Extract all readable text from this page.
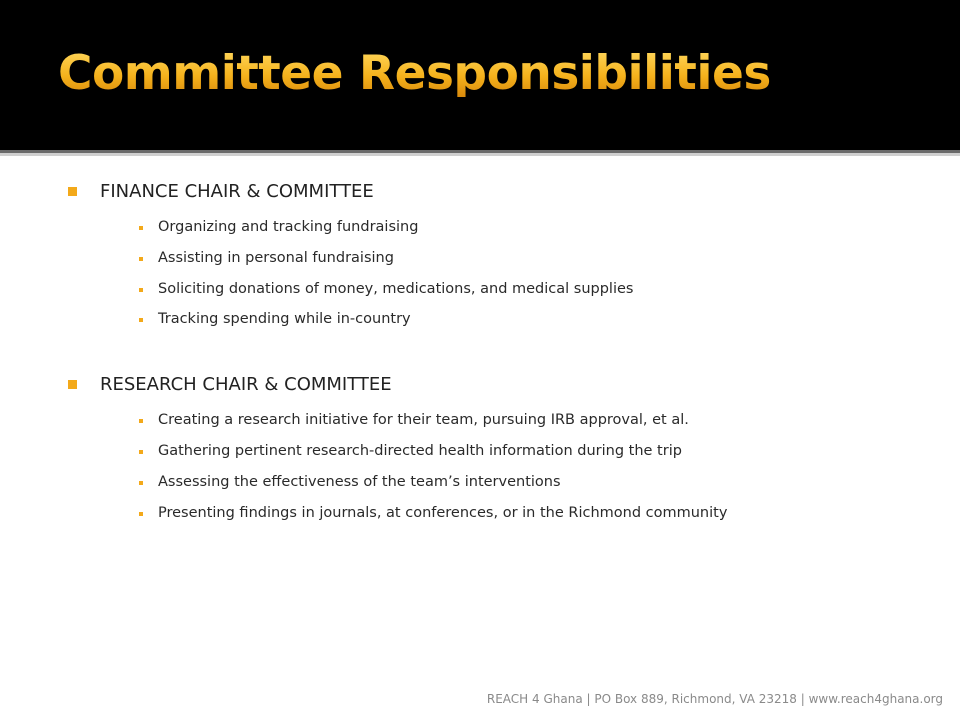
Committee Responsibilities
FINANCE CHAIR & COMMITTEE
Organizing and tracking fundraising
Assisting in personal fundraising
Soliciting donations of money, medications, and medical supplies
Tracking spending while in-country
RESEARCH CHAIR & COMMITTEE
Creating a research initiative for their team, pursuing IRB approval, et al.
Gathering pertinent research-directed health information during the trip
Assessing the effectiveness of the team’s interventions
Presenting findings in journals, at conferences, or in the Richmond community
REACH 4 Ghana | PO Box 889, Richmond, VA 23218 | www.reach4ghana.org
